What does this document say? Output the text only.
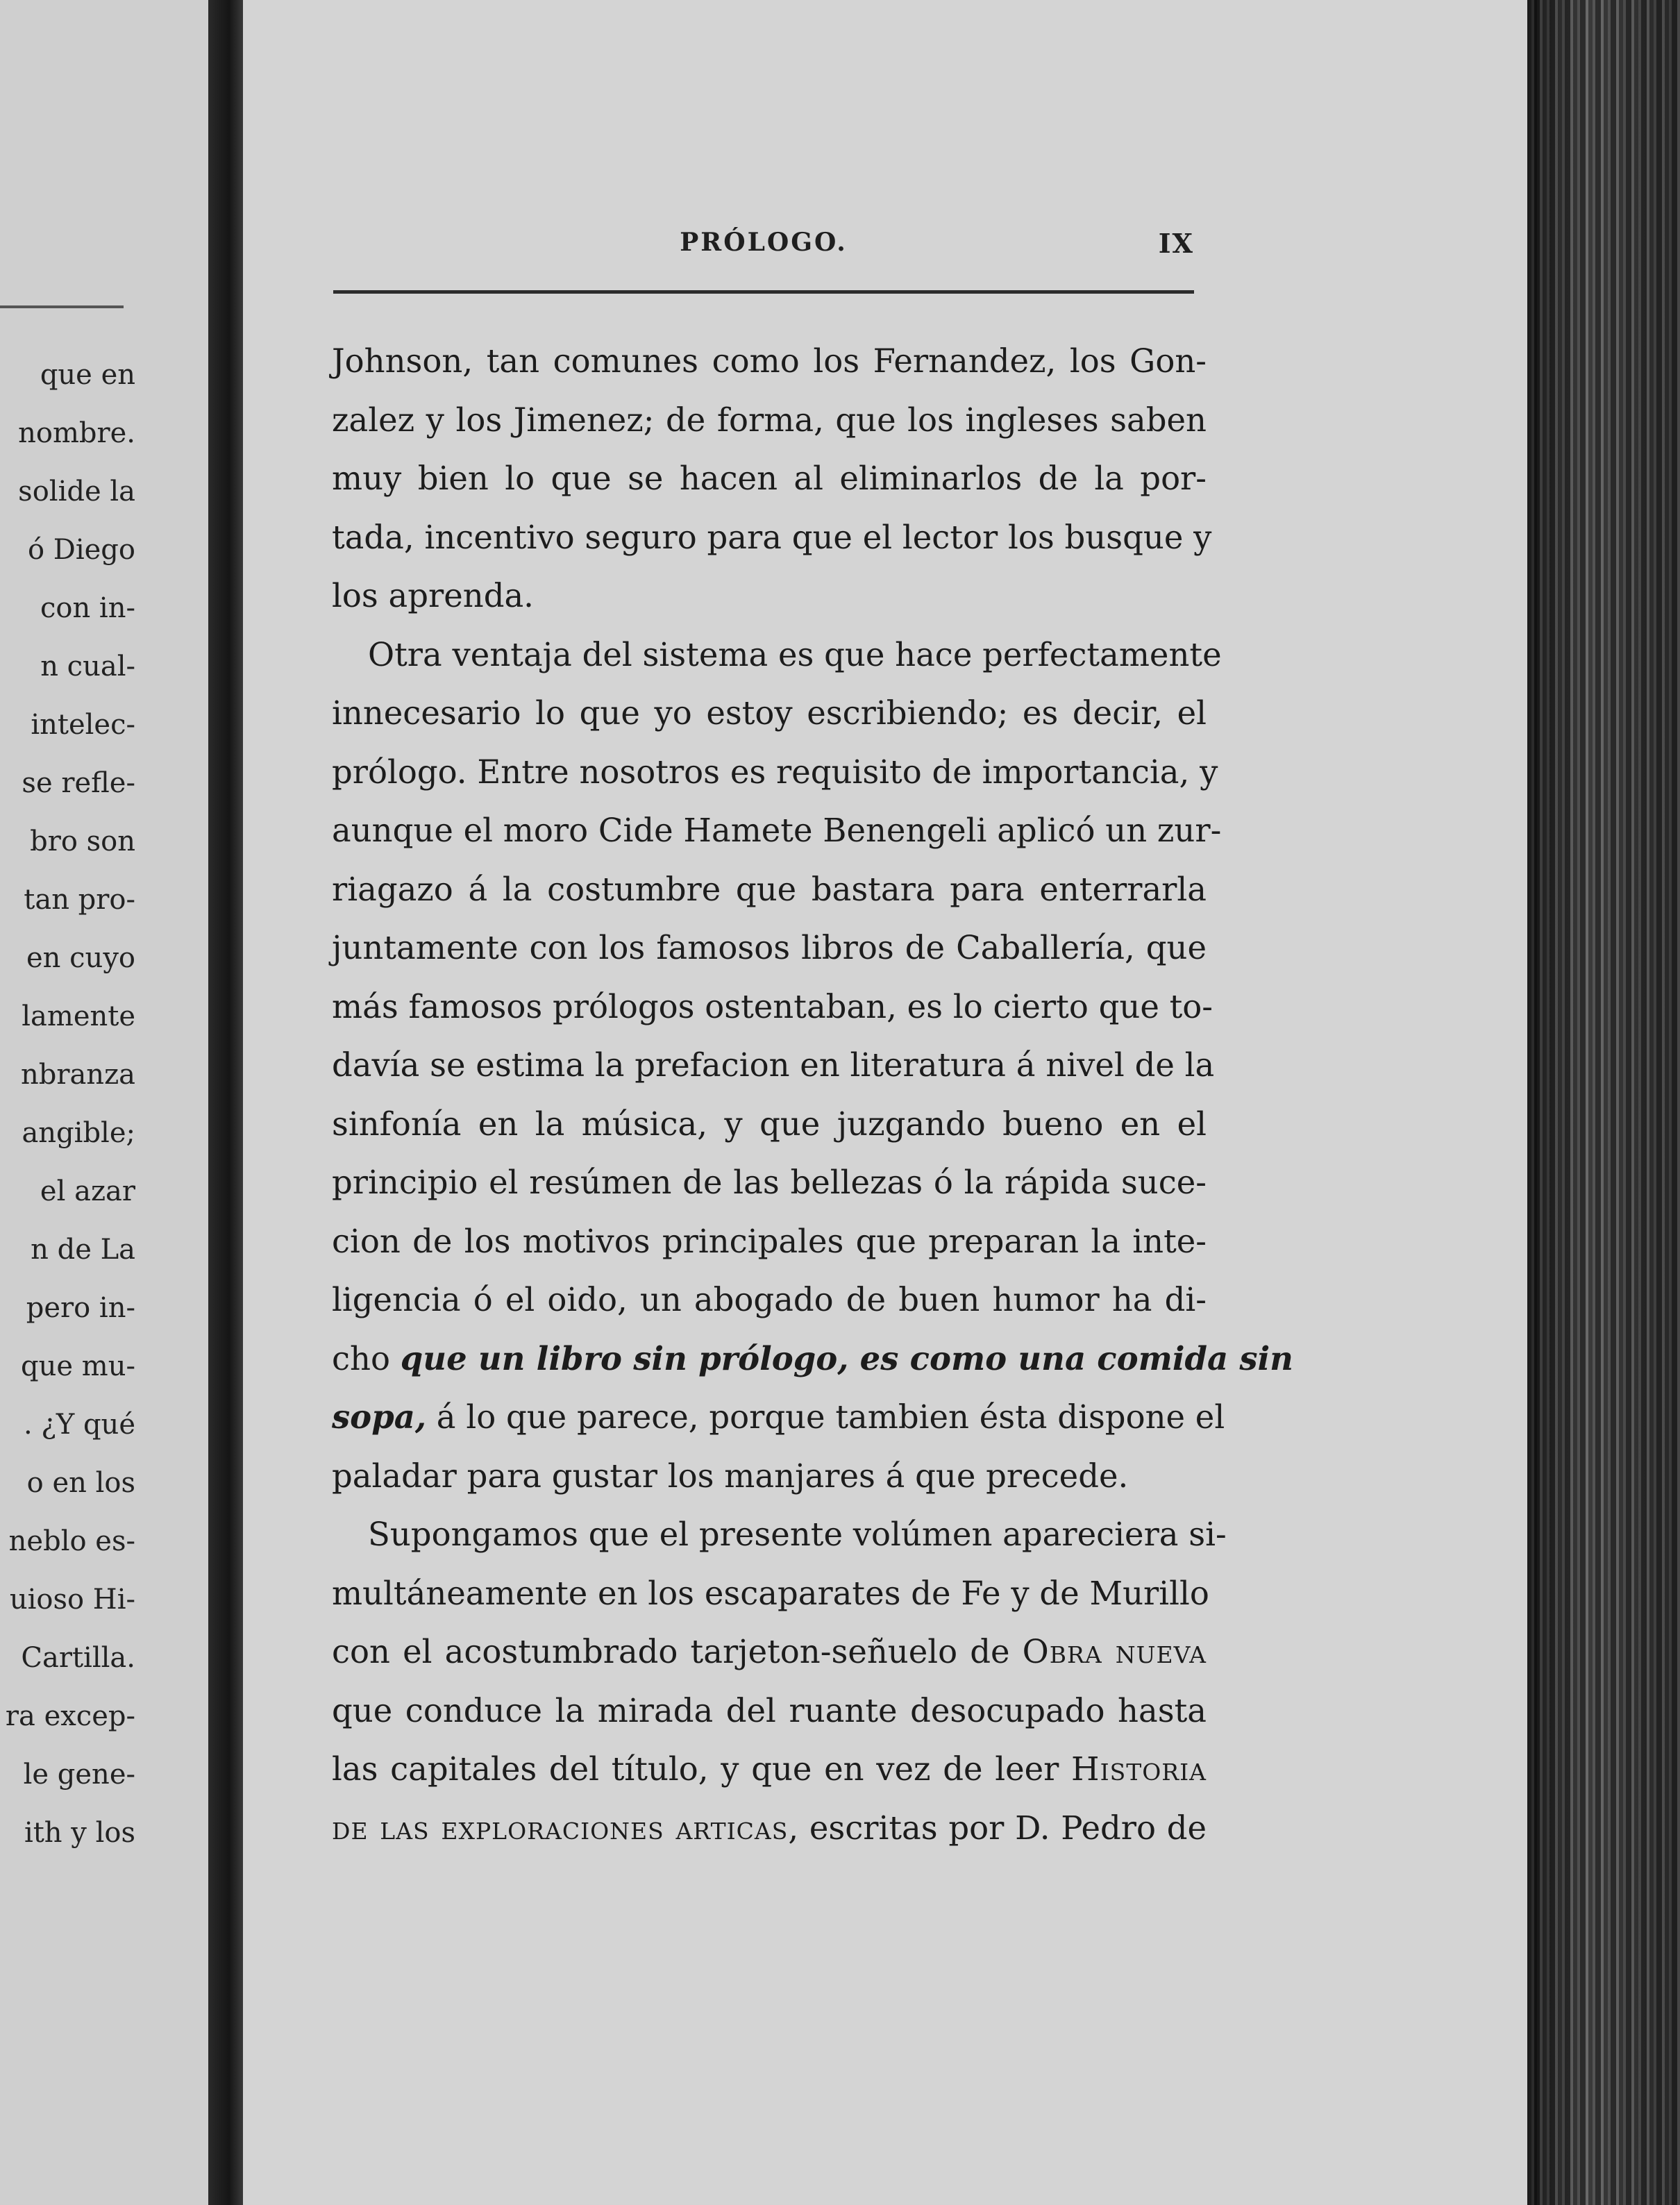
que en
nombre.
solide la
ó Diego
con in-
n cual-
intelec-
se refle-
bro son
tan pro-
en cuyo
lamente
nbranza
angible;
el azar
n de La
pero in-
que mu-
. ¿Y qué
o en los
neblo es-
uioso Hi-
Cartilla.
ra excep-
le gene-
ith y los
PRÓLOGO.	IX
Johnson, tan comunes como los Fernandez, los Gon-
zalez y los Jimenez; de forma, que los ingleses saben
muy bien lo que se hacen al eliminarlos de la por-
tada, incentivo seguro para que el lector los busque y
los aprenda.
Otra ventaja del sistema es que hace perfectamente
innecesario lo que yo estoy escribiendo; es decir, el
prólogo. Entre nosotros es requisito de importancia, y
aunque el moro Cide Hamete Benengeli aplicó un zur-
riagazo á la costumbre que bastara para enterrarla
juntamente con los famosos libros de Caballería, que
más famosos prólogos ostentaban, es lo cierto que to-
davía se estima la prefacion en literatura á nivel de la
sinfonía en la música, y que juzgando bueno en el
principio el resúmen de las bellezas ó la rápida suce-
cion de los motivos principales que preparan la inte-
ligencia ó el oido, un abogado de buen humor ha di-
cho que un libro sin prólogo, es como una comida sin
sopa, á lo que parece, porque tambien ésta dispone el
paladar para gustar los manjares á que precede.
Supongamos que el presente volúmen apareciera si-
multáneamente en los escaparates de Fe y de Murillo
con el acostumbrado tarjeton-señuelo de Obra nueva
que conduce la mirada del ruante desocupado hasta
las capitales del título, y que en vez de leer Historia
de las exploraciones articas, escritas por D. Pedro de
